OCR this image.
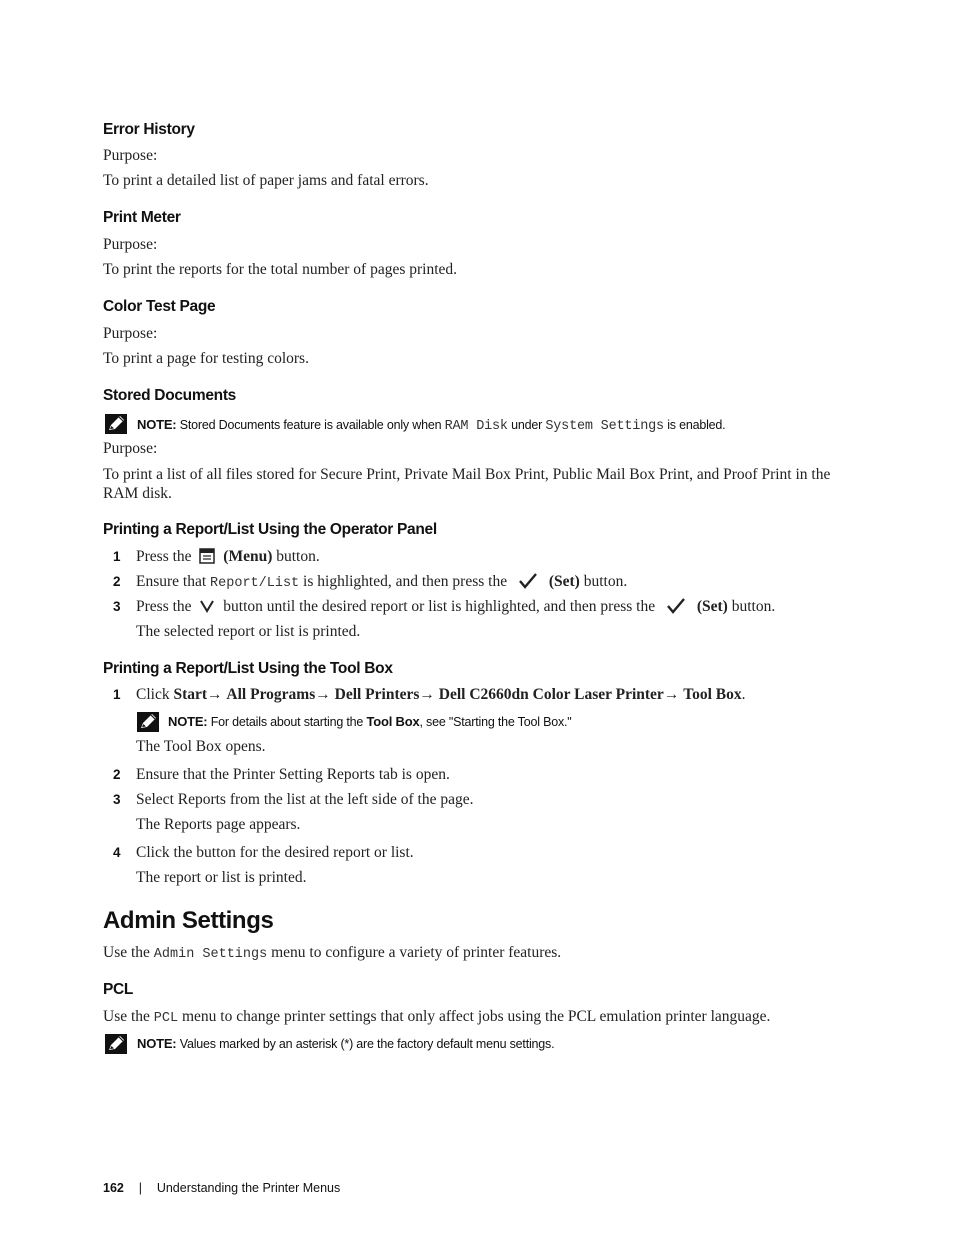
Error History
Purpose:
To print a detailed list of paper jams and fatal errors.
Print Meter
Purpose:
To print the reports for the total number of pages printed.
Color Test Page
Purpose:
To print a page for testing colors.
Stored Documents
NOTE: Stored Documents feature is available only when RAM Disk under System Settings is enabled.
Purpose:
To print a list of all files stored for Secure Print, Private Mail Box Print, Public Mail Box Print, and Proof Print in the RAM disk.
Printing a Report/List Using the Operator Panel
1 Press the (Menu) button.
2 Ensure that Report/List is highlighted, and then press the	(Set) button.
3 Press the button until the desired report or list is highlighted, and then press the	(Set) button.
The selected report or list is printed.
Printing a Report/List Using the Tool Box
1 Click Start→ All Programs→ Dell Printers→ Dell C2660dn Color Laser Printer→ Tool Box.
NOTE: For details about starting the Tool Box, see "Starting the Tool Box."
The Tool Box opens.
2 Ensure that the Printer Setting Reports tab is open.
3 Select Reports from the list at the left side of the page.
The Reports page appears.
4 Click the button for the desired report or list.
The report or list is printed.
Admin Settings
Use the Admin Settings menu to configure a variety of printer features.
PCL
Use the PCL menu to change printer settings that only affect jobs using the PCL emulation printer language.
NOTE: Values marked by an asterisk (*) are the factory default menu settings.
162 | Understanding the Printer Menus
